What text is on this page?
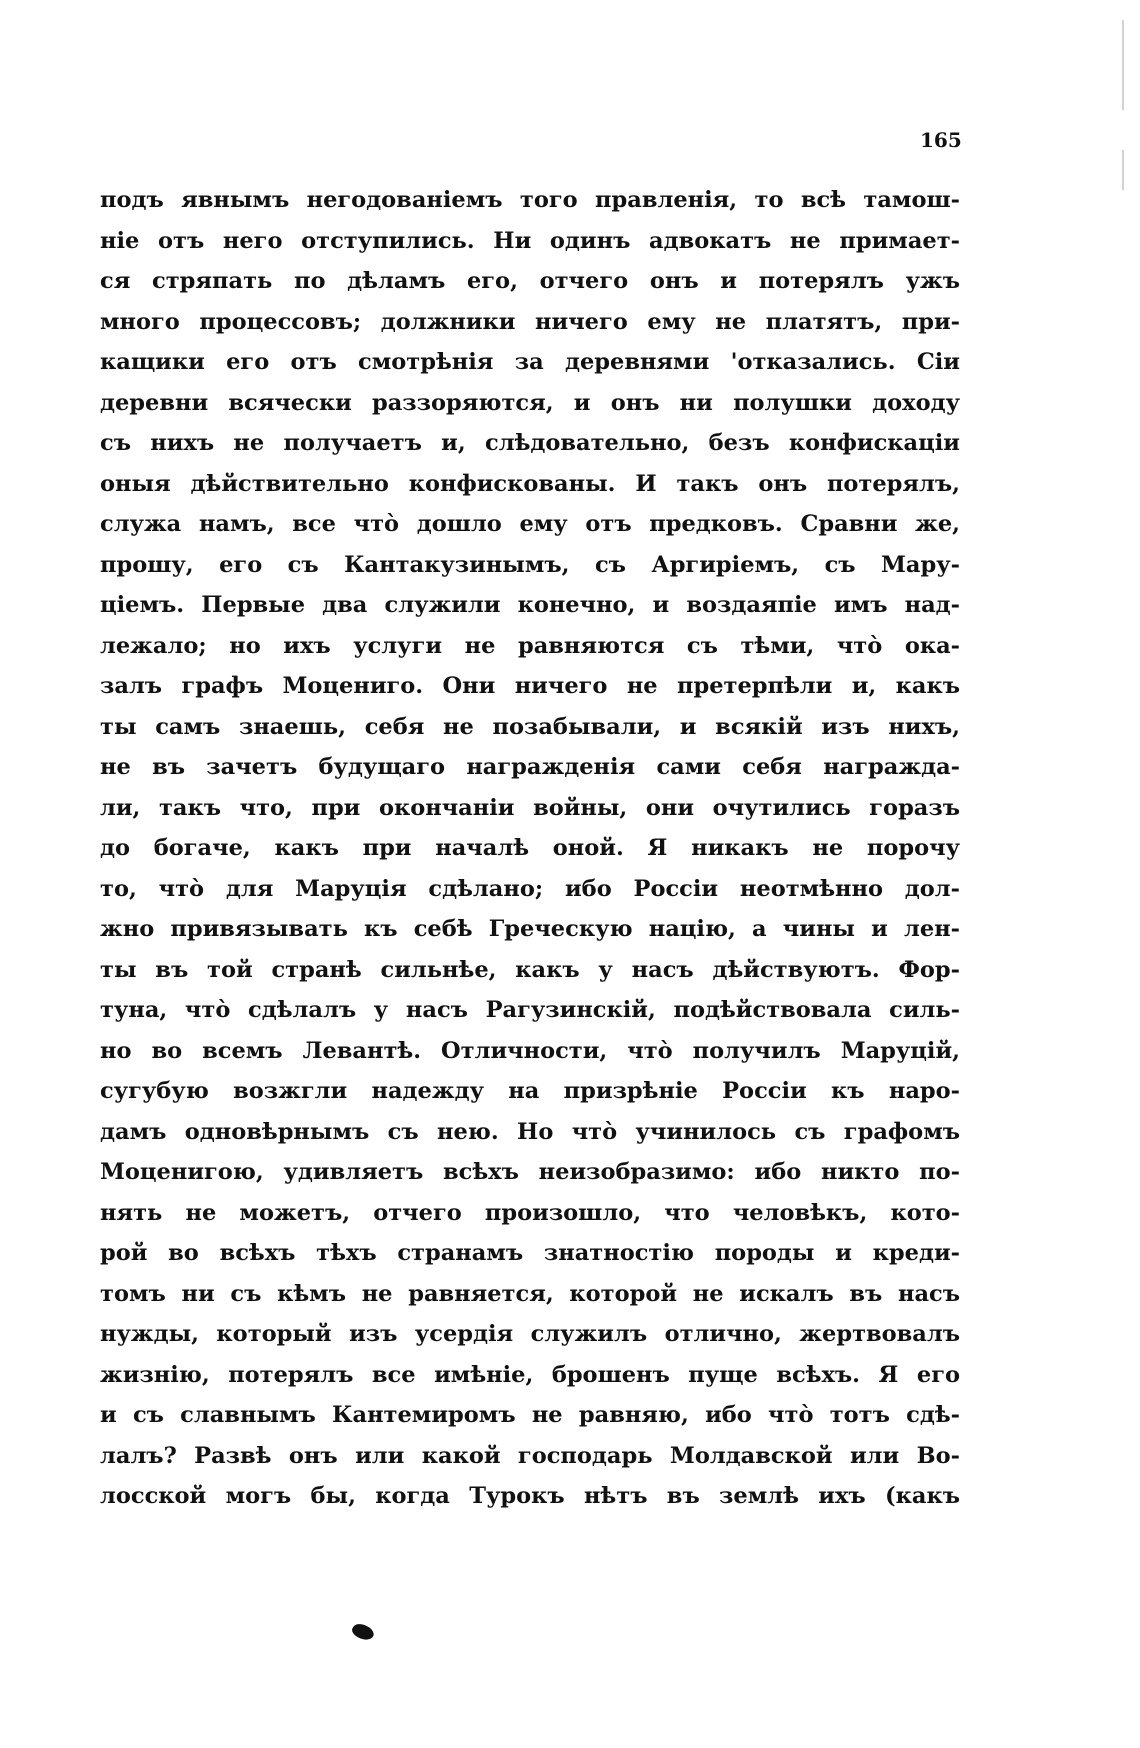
165
подъ явнымъ негодованіемъ того правленія, то всѣ тамош-
ніе отъ него отступились. Ни одинъ адвокатъ не примает-
ся стряпать по дѣламъ его, отчего онъ и потерялъ ужъ
много процессовъ; должники ничего ему не платятъ, при-
кащики его отъ смотрѣнія за деревнями 'отказались. Сіи
деревни всячески раззоряются, и онъ ни полушки доходу
съ нихъ не получаетъ и, слѣдовательно, безъ конфискаціи
оныя дѣйствительно конфискованы. И такъ онъ потерялъ,
служа намъ, все чтò дошло ему отъ предковъ. Сравни же,
прошу, его съ Кантакузинымъ, съ Аргиріемъ, съ Мару-
ціемъ. Первые два служили конечно, и воздаяпіе имъ над-
лежало; но ихъ услуги не равняются съ тѣми, чтò ока-
залъ графъ Моцениго. Они ничего не претерпѣли и, какъ
ты самъ знаешь, себя не позабывали, и всякій изъ нихъ,
не въ зачетъ будущаго награжденія сами себя награжда-
ли, такъ что, при окончаніи войны, они очутились горазъ
до богаче, какъ при началѣ оной. Я никакъ не порочу
то, чтò для Маруція сдѣлано; ибо Россіи неотмѣнно дол-
жно привязывать къ себѣ Греческую націю, а чины и лен-
ты въ той странѣ сильнѣе, какъ у насъ дѣйствуютъ. Фор-
туна, чтò сдѣлалъ у насъ Рагузинскій, подѣйствовала силь-
но во всемъ Левантѣ. Отличности, чтò получилъ Маруцій,
сугубую возжгли надежду на призрѣніе Россіи къ наро-
дамъ одновѣрнымъ съ нею. Но чтò учинилось съ графомъ
Моценигою, удивляетъ всѣхъ неизобразимо: ибо никто по-
нять не можетъ, отчего произошло, что человѣкъ, кото-
рой во всѣхъ тѣхъ странамъ знатностію породы и креди-
томъ ни съ кѣмъ не равняется, которой не искалъ въ насъ
нужды, который изъ усердія служилъ отлично, жертвовалъ
жизнію, потерялъ все имѣніе, брошенъ пуще всѣхъ. Я его
и съ славнымъ Кантемиромъ не равняю, ибо чтò тотъ сдѣ-
лалъ? Развѣ онъ или какой господарь Молдавской или Во-
лосской могъ бы, когда Турокъ нѣтъ въ землѣ ихъ (какъ
